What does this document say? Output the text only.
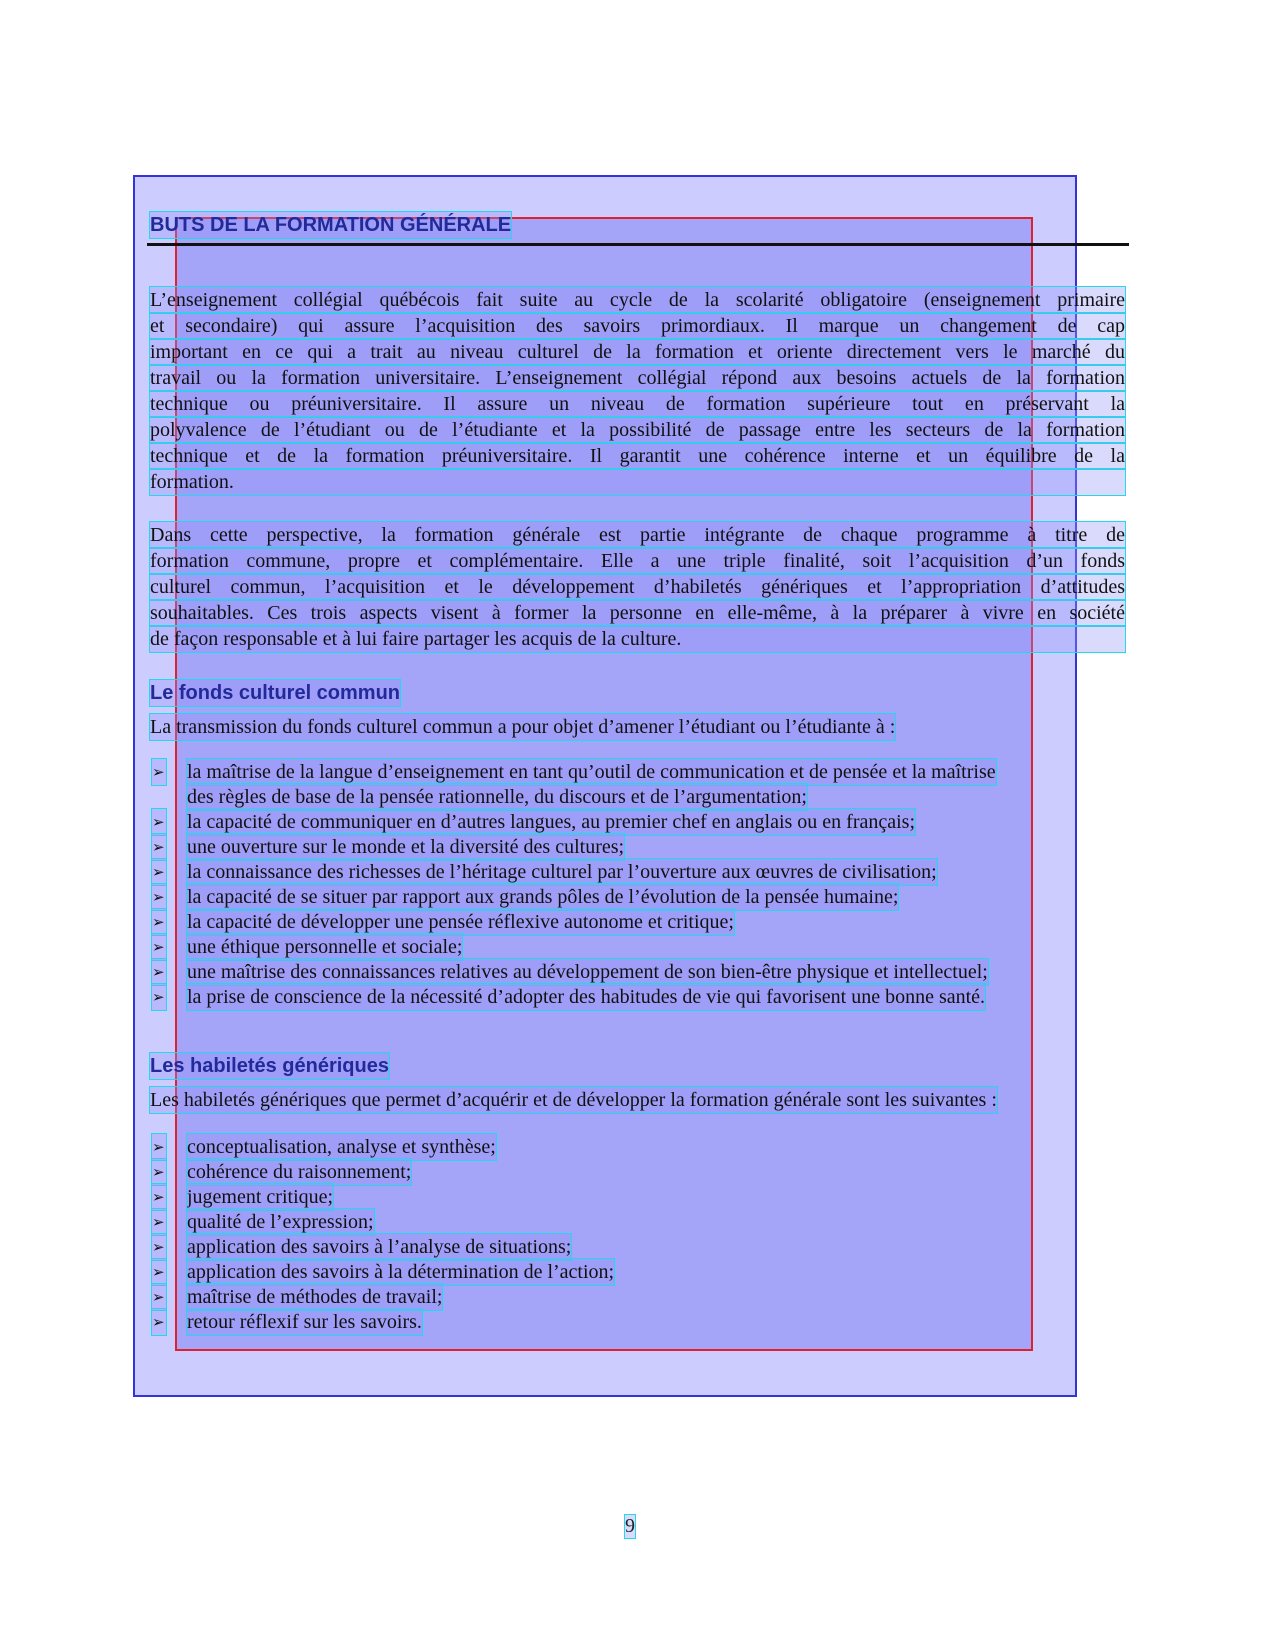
BUTS DE LA FORMATION GÉNÉRALE
L’enseignement collégial québécois fait suite au cycle de la scolarité obligatoire (enseignement primaire
et secondaire) qui assure l’acquisition des savoirs primordiaux. Il marque un changement de cap
important en ce qui a trait au niveau culturel de la formation et oriente directement vers le marché du
travail ou la formation universitaire. L’enseignement collégial répond aux besoins actuels de la formation
technique ou préuniversitaire. Il assure un niveau de formation supérieure tout en préservant la
polyvalence de l’étudiant ou de l’étudiante et la possibilité de passage entre les secteurs de la formation
technique et de la formation préuniversitaire. Il garantit une cohérence interne et un équilibre de la
formation.
Dans cette perspective, la formation générale est partie intégrante de chaque programme à titre de
formation commune, propre et complémentaire. Elle a une triple finalité, soit l’acquisition d’un fonds
culturel commun, l’acquisition et le développement d’habiletés génériques et l’appropriation d’attitudes
souhaitables. Ces trois aspects visent à former la personne en elle-même, à la préparer à vivre en société
de façon responsable et à lui faire partager les acquis de la culture.
Le fonds culturel commun
La transmission du fonds culturel commun a pour objet d’amener l’étudiant ou l’étudiante à :
➢ la maîtrise de la langue d’enseignement en tant qu’outil de communication et de pensée et la maîtrise
des règles de base de la pensée rationnelle, du discours et de l’argumentation;
➢ la capacité de communiquer en d’autres langues, au premier chef en anglais ou en français;
➢ une ouverture sur le monde et la diversité des cultures;
➢ la connaissance des richesses de l’héritage culturel par l’ouverture aux œuvres de civilisation;
➢ la capacité de se situer par rapport aux grands pôles de l’évolution de la pensée humaine;
➢ la capacité de développer une pensée réflexive autonome et critique;
➢ une éthique personnelle et sociale;
➢ une maîtrise des connaissances relatives au développement de son bien-être physique et intellectuel;
➢ la prise de conscience de la nécessité d’adopter des habitudes de vie qui favorisent une bonne santé.
Les habiletés génériques
Les habiletés génériques que permet d’acquérir et de développer la formation générale sont les suivantes :
➢ conceptualisation, analyse et synthèse;
➢ cohérence du raisonnement;
➢ jugement critique;
➢ qualité de l’expression;
➢ application des savoirs à l’analyse de situations;
➢ application des savoirs à la détermination de l’action;
➢ maîtrise de méthodes de travail;
➢ retour réflexif sur les savoirs.
9
